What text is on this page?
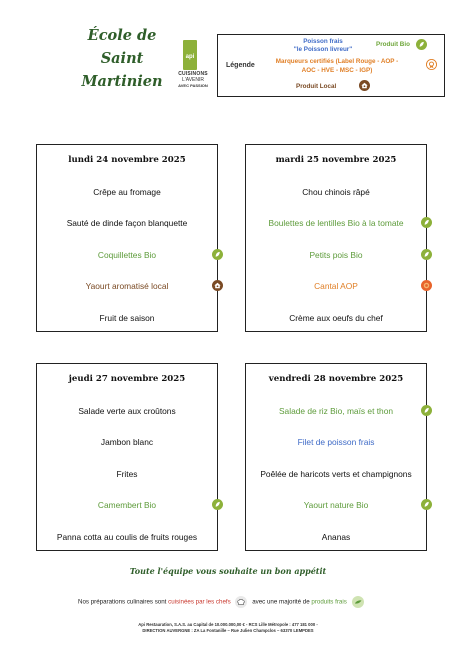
École de
Saint
Martinien
api
CUISINONS
L'AVENIR
AVEC PASSION
Légende
Poisson frais
"le Poisson livreur"
Produit Bio
Marqueurs certifiés (Label Rouge - AOP -
AOC - HVE - MSC - IGP)
Produit Local
lundi 24 novembre 2025
Crêpe au fromage
Sauté de dinde façon blanquette
Coquillettes Bio
Yaourt aromatisé local
Fruit de saison
mardi 25 novembre 2025
Chou chinois râpé
Boulettes de lentilles Bio à la tomate
Petits pois Bio
Cantal AOP
Crème aux oeufs du chef
jeudi 27 novembre 2025
Salade verte aux croûtons
Jambon blanc
Frites
Camembert Bio
Panna cotta au coulis de fruits rouges
vendredi 28 novembre 2025
Salade de riz Bio, maïs et thon
Filet de poisson frais
Poêlée de haricots verts et champignons
Yaourt nature Bio
Ananas
Toute l'équipe vous souhaite un bon appétit
Nos préparations culinaires sont cuisinées par les chefs	avec une majorité de produits frais
Api Restauration, S.A.S. au Capital de 10.000.000,00 € - RCS Lille Métropole : 477 181 000 -
DIRECTION AUVERGNE : ZA La Fontanille – Rue Julien Champclos – 63370 LEMPDES
